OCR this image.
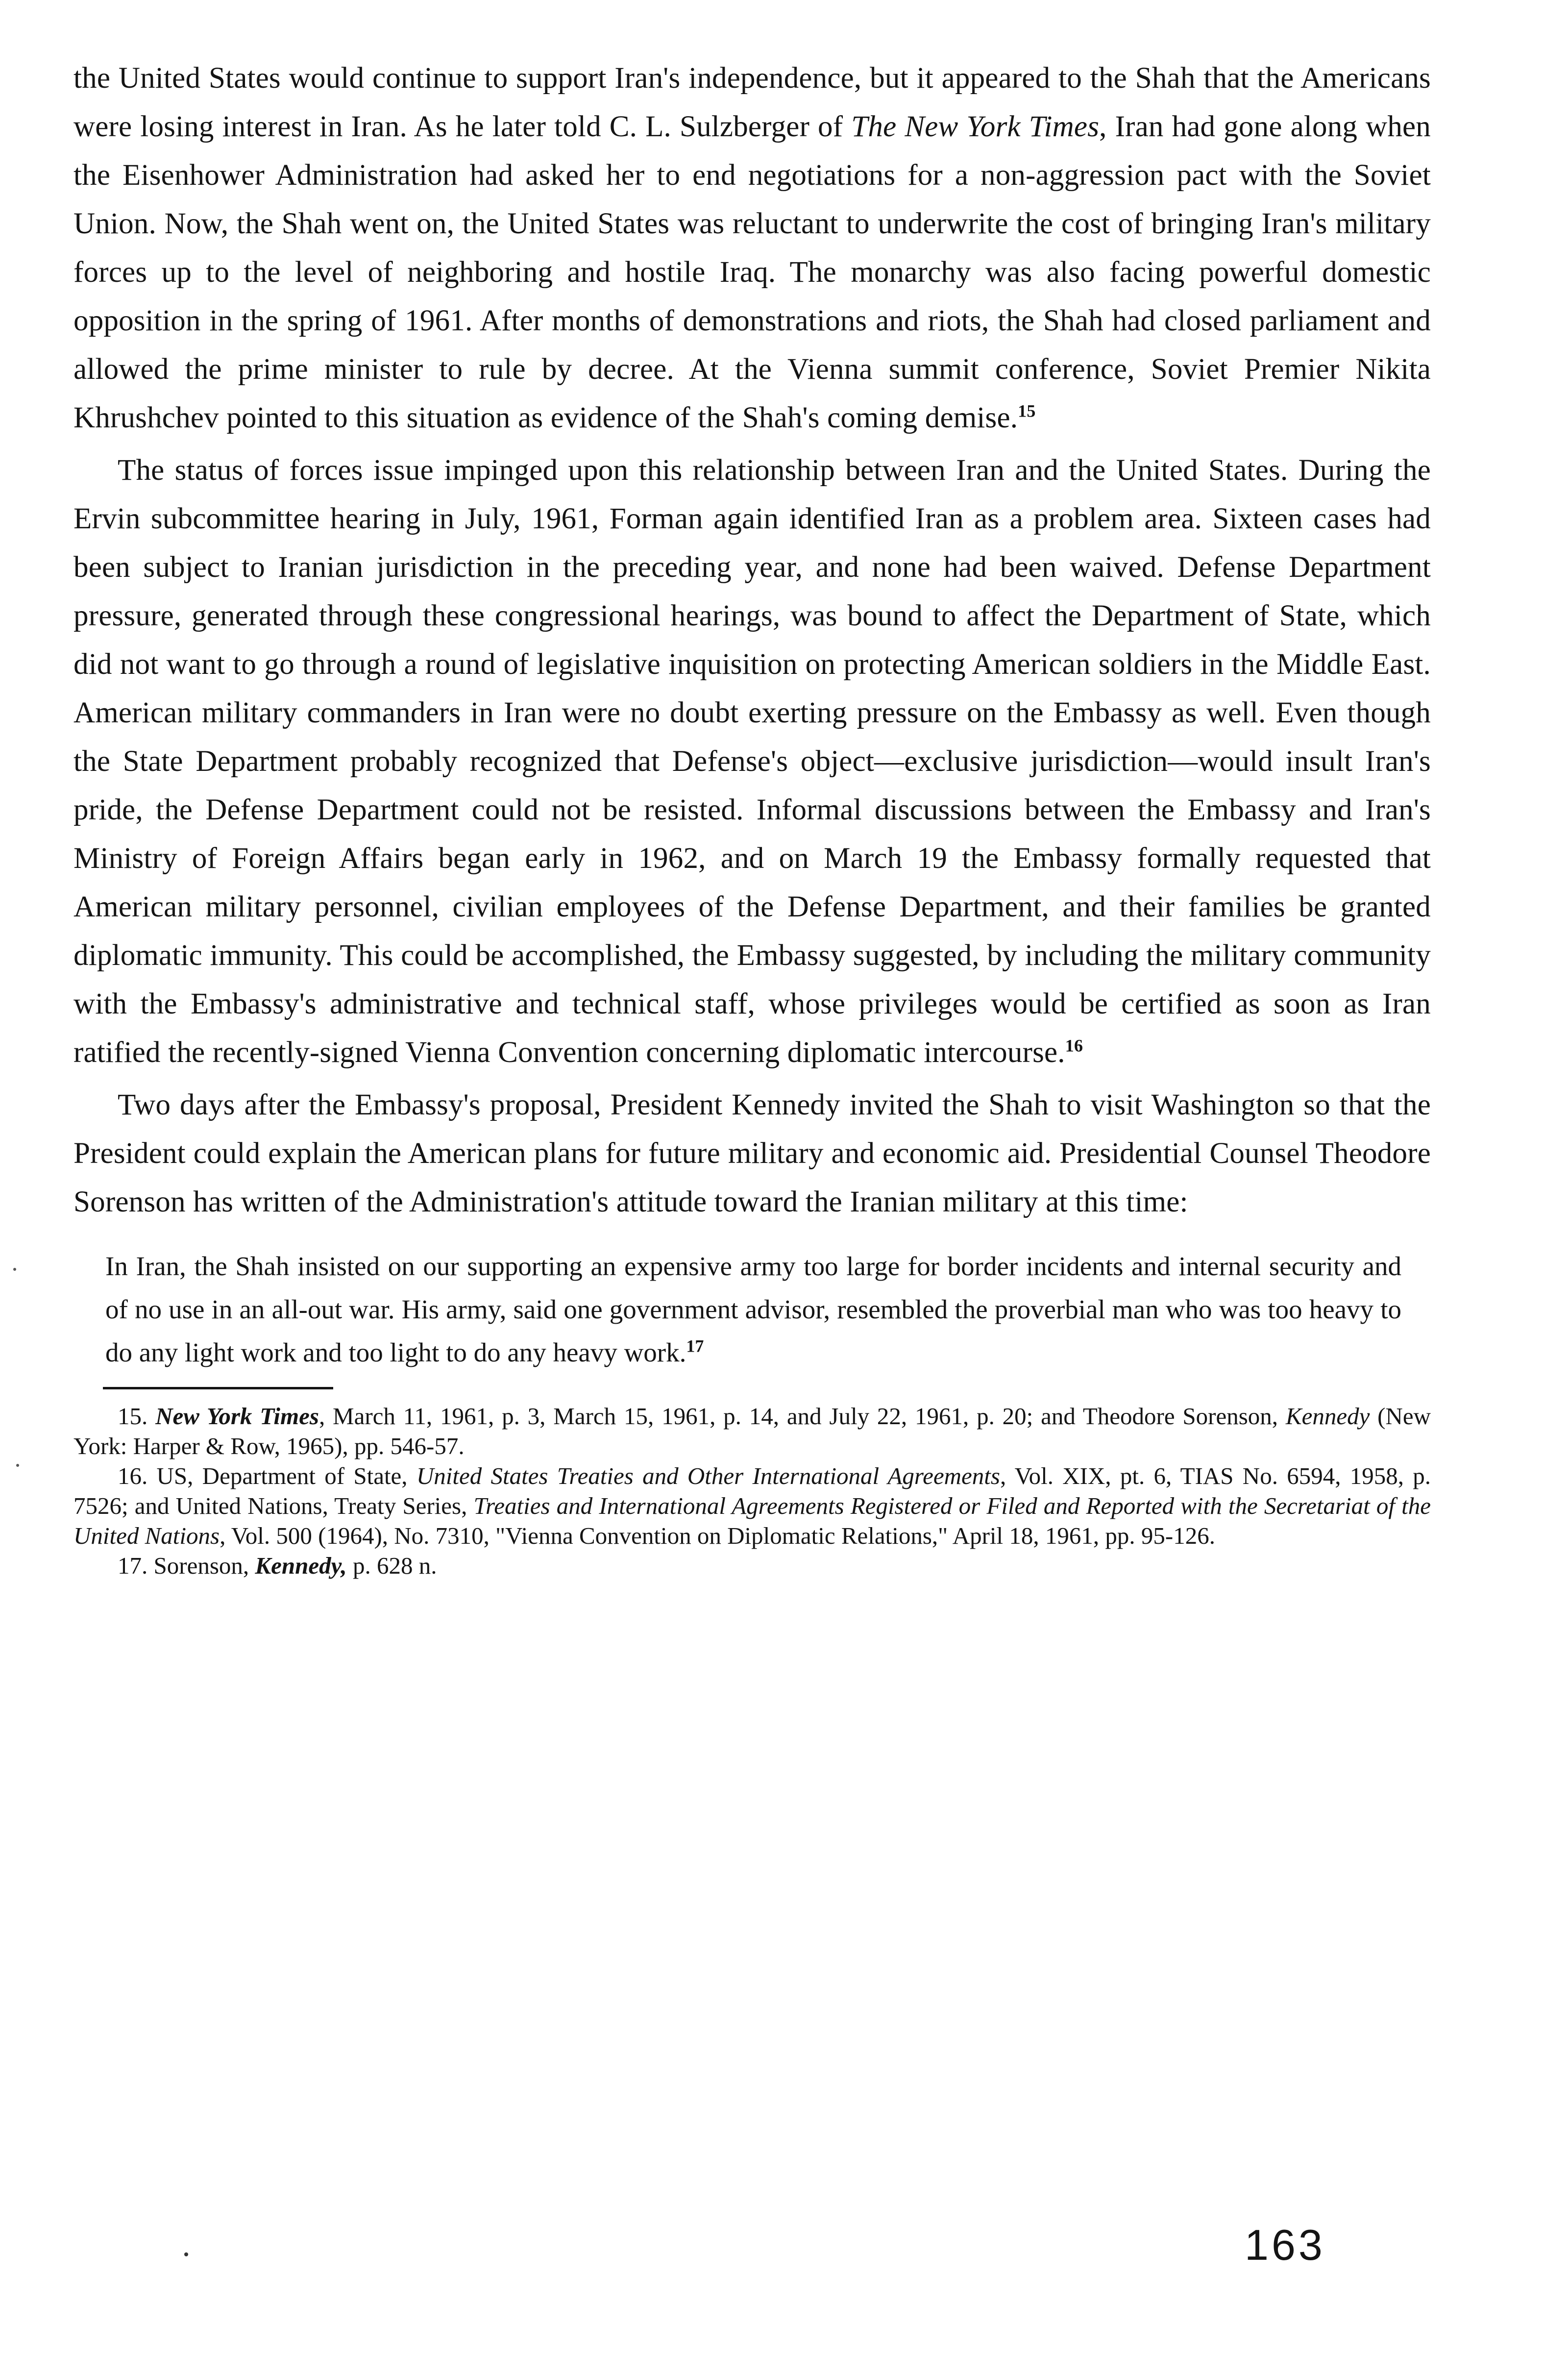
the United States would continue to support Iran's independence, but it appeared to the Shah that the Americans were losing interest in Iran. As he later told C. L. Sulzberger of The New York Times, Iran had gone along when the Eisenhower Administration had asked her to end negotiations for a non-aggression pact with the Soviet Union. Now, the Shah went on, the United States was reluctant to underwrite the cost of bringing Iran's military forces up to the level of neighboring and hostile Iraq. The monarchy was also facing powerful domestic opposition in the spring of 1961. After months of demonstrations and riots, the Shah had closed parliament and allowed the prime minister to rule by decree. At the Vienna summit conference, Soviet Premier Nikita Khrushchev pointed to this situation as evidence of the Shah's coming demise.$^{15}$

The status of forces issue impinged upon this relationship between Iran and the United States. During the Ervin subcommittee hearing in July, 1961, Forman again identified Iran as a problem area. Sixteen cases had been subject to Iranian jurisdiction in the preceding year, and none had been waived. Defense Department pressure, generated through these congressional hearings, was bound to affect the Department of State, which did not want to go through a round of legislative inquisition on protecting American soldiers in the Middle East. American military commanders in Iran were no doubt exerting pressure on the Embassy as well. Even though the State Department probably recognized that Defense's object—exclusive jurisdiction—would insult Iran's pride, the Defense Department could not be resisted. Informal discussions between the Embassy and Iran's Ministry of Foreign Affairs began early in 1962, and on March 19 the Embassy formally requested that American military personnel, civilian employees of the Defense Department, and their families be granted diplomatic immunity. This could be accomplished, the Embassy suggested, by including the military community with the Embassy's administrative and technical staff, whose privileges would be certified as soon as Iran ratified the recently-signed Vienna Convention concerning diplomatic intercourse.$^{16}$

Two days after the Embassy's proposal, President Kennedy invited the Shah to visit Washington so that the President could explain the American plans for future military and economic aid. Presidential Counsel Theodore Sorenson has written of the Administration's attitude toward the Iranian military at this time:

In Iran, the Shah insisted on our supporting an expensive army too large for border incidents and internal security and of no use in an all-out war. His army, said one government advisor, resembled the proverbial man who was too heavy to do any light work and too light to do any heavy work.$^{17}$

15. New York Times, March 11, 1961, p. 3, March 15, 1961, p. 14, and July 22, 1961, p. 20; and Theodore Sorenson, Kennedy (New York: Harper & Row, 1965), pp. 546-57.

16. US, Department of State, United States Treaties and Other International Agreements, Vol. XIX, pt. 6, TIAS No. 6594, 1958, p. 7526; and United Nations, Treaty Series, Treaties and International Agreements Registered or Filed and Reported with the Secretariat of the United Nations, Vol. 500 (1964), No. 7310, "Vienna Convention on Diplomatic Relations," April 18, 1961, pp. 95-126.

17. Sorenson, Kennedy, p. 628 n.

163
